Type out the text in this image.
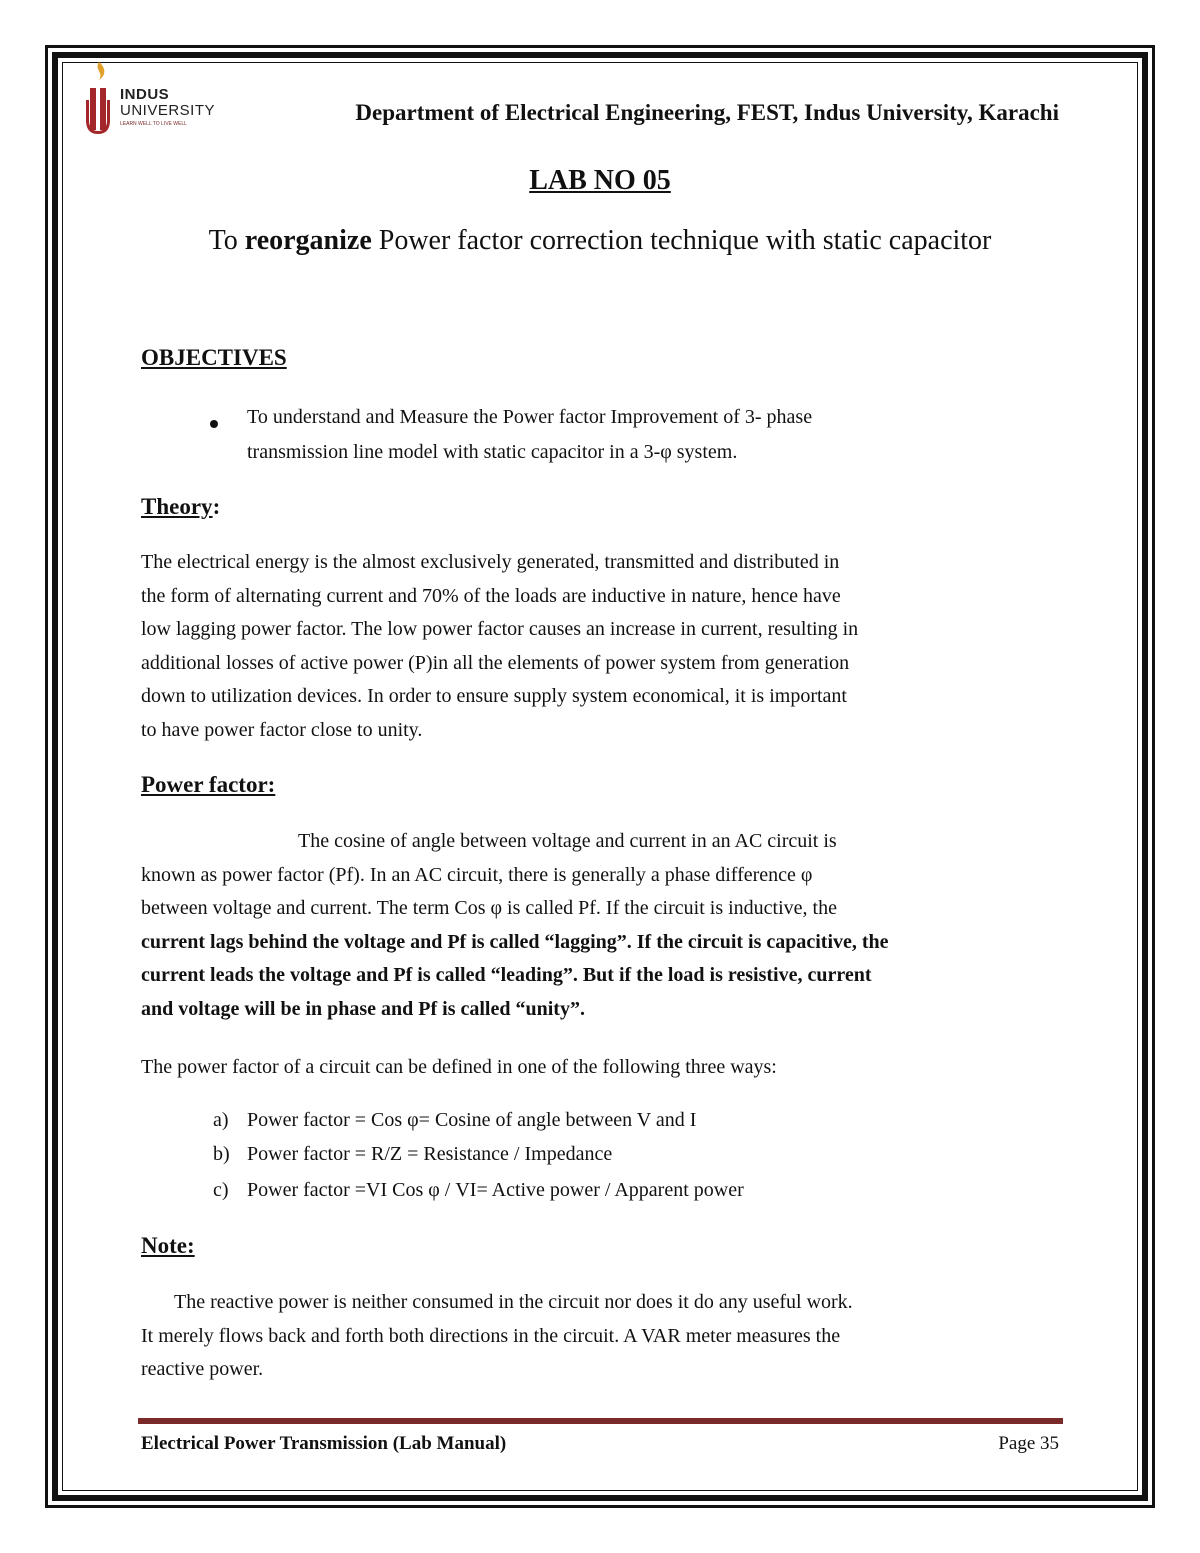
INDUS
UNIVERSITY
LEARN WELL TO LIVE WELL	Department of Electrical Engineering, FEST, Indus University, Karachi
LAB NO 05
To reorganize Power factor correction technique with static capacitor
OBJECTIVES
To understand and Measure the Power factor Improvement of 3- phase
transmission line model with static capacitor in a 3-φ system.
Theory:
The electrical energy is the almost exclusively generated, transmitted and distributed in
the form of alternating current and 70% of the loads are inductive in nature, hence have
low lagging power factor. The low power factor causes an increase in current, resulting in
additional losses of active power (P)in all the elements of power system from generation
down to utilization devices. In order to ensure supply system economical, it is important
to have power factor close to unity.
Power factor:
The cosine of angle between voltage and current in an AC circuit is
known as power factor (Pf). In an AC circuit, there is generally a phase difference φ
between voltage and current. The term Cos φ is called Pf. If the circuit is inductive, the
current lags behind the voltage and Pf is called “lagging”. If the circuit is capacitive, the
current leads the voltage and Pf is called “leading”. But if the load is resistive, current
and voltage will be in phase and Pf is called “unity”.
The power factor of a circuit can be defined in one of the following three ways:
a) Power factor = Cos φ= Cosine of angle between V and I
b) Power factor = R/Z = Resistance / Impedance
c) Power factor =VI Cos φ / VI= Active power / Apparent power
Note:
The reactive power is neither consumed in the circuit nor does it do any useful work.
It merely flows back and forth both directions in the circuit. A VAR meter measures the
reactive power.
Electrical Power Transmission (Lab Manual)	Page 35
